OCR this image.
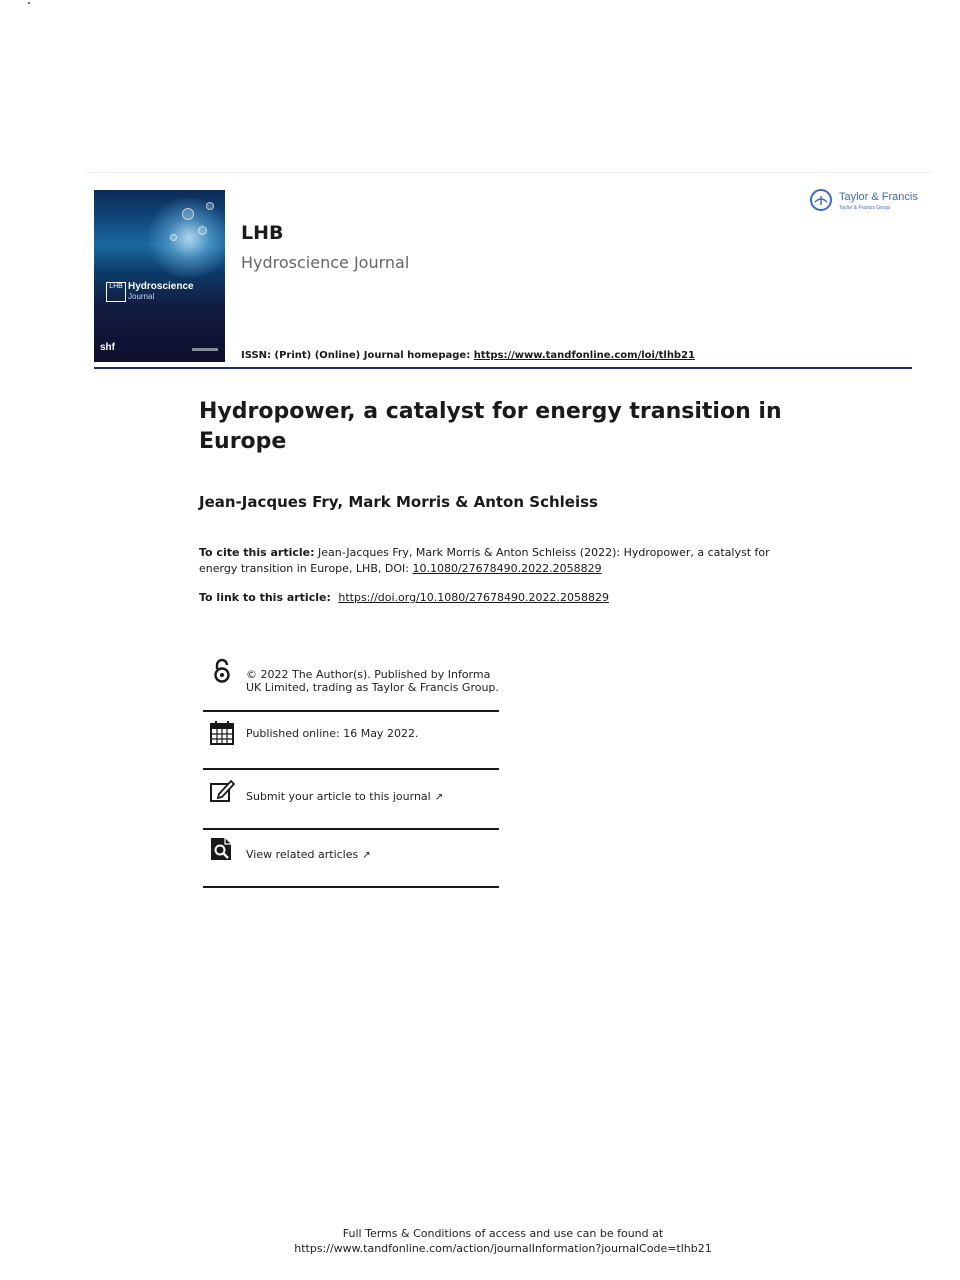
LHB Hydroscience
Journal
shf
LHB
Hydroscience Journal
ISSN: (Print) (Online) Journal homepage: https://www.tandfonline.com/loi/tlhb21
Taylor & Francis
Taylor & Francis Group
Hydropower, a catalyst for energy transition in Europe
Jean-Jacques Fry, Mark Morris & Anton Schleiss
To cite this article: Jean-Jacques Fry, Mark Morris & Anton Schleiss (2022): Hydropower, a catalyst for energy transition in Europe, LHB, DOI: 10.1080/27678490.2022.2058829
To link to this article: https://doi.org/10.1080/27678490.2022.2058829
© 2022 The Author(s). Published by Informa UK Limited, trading as Taylor & Francis Group.
Published online: 16 May 2022.
Submit your article to this journal ↗
View related articles ↗
Full Terms & Conditions of access and use can be found at
https://www.tandfonline.com/action/journalInformation?journalCode=tlhb21
